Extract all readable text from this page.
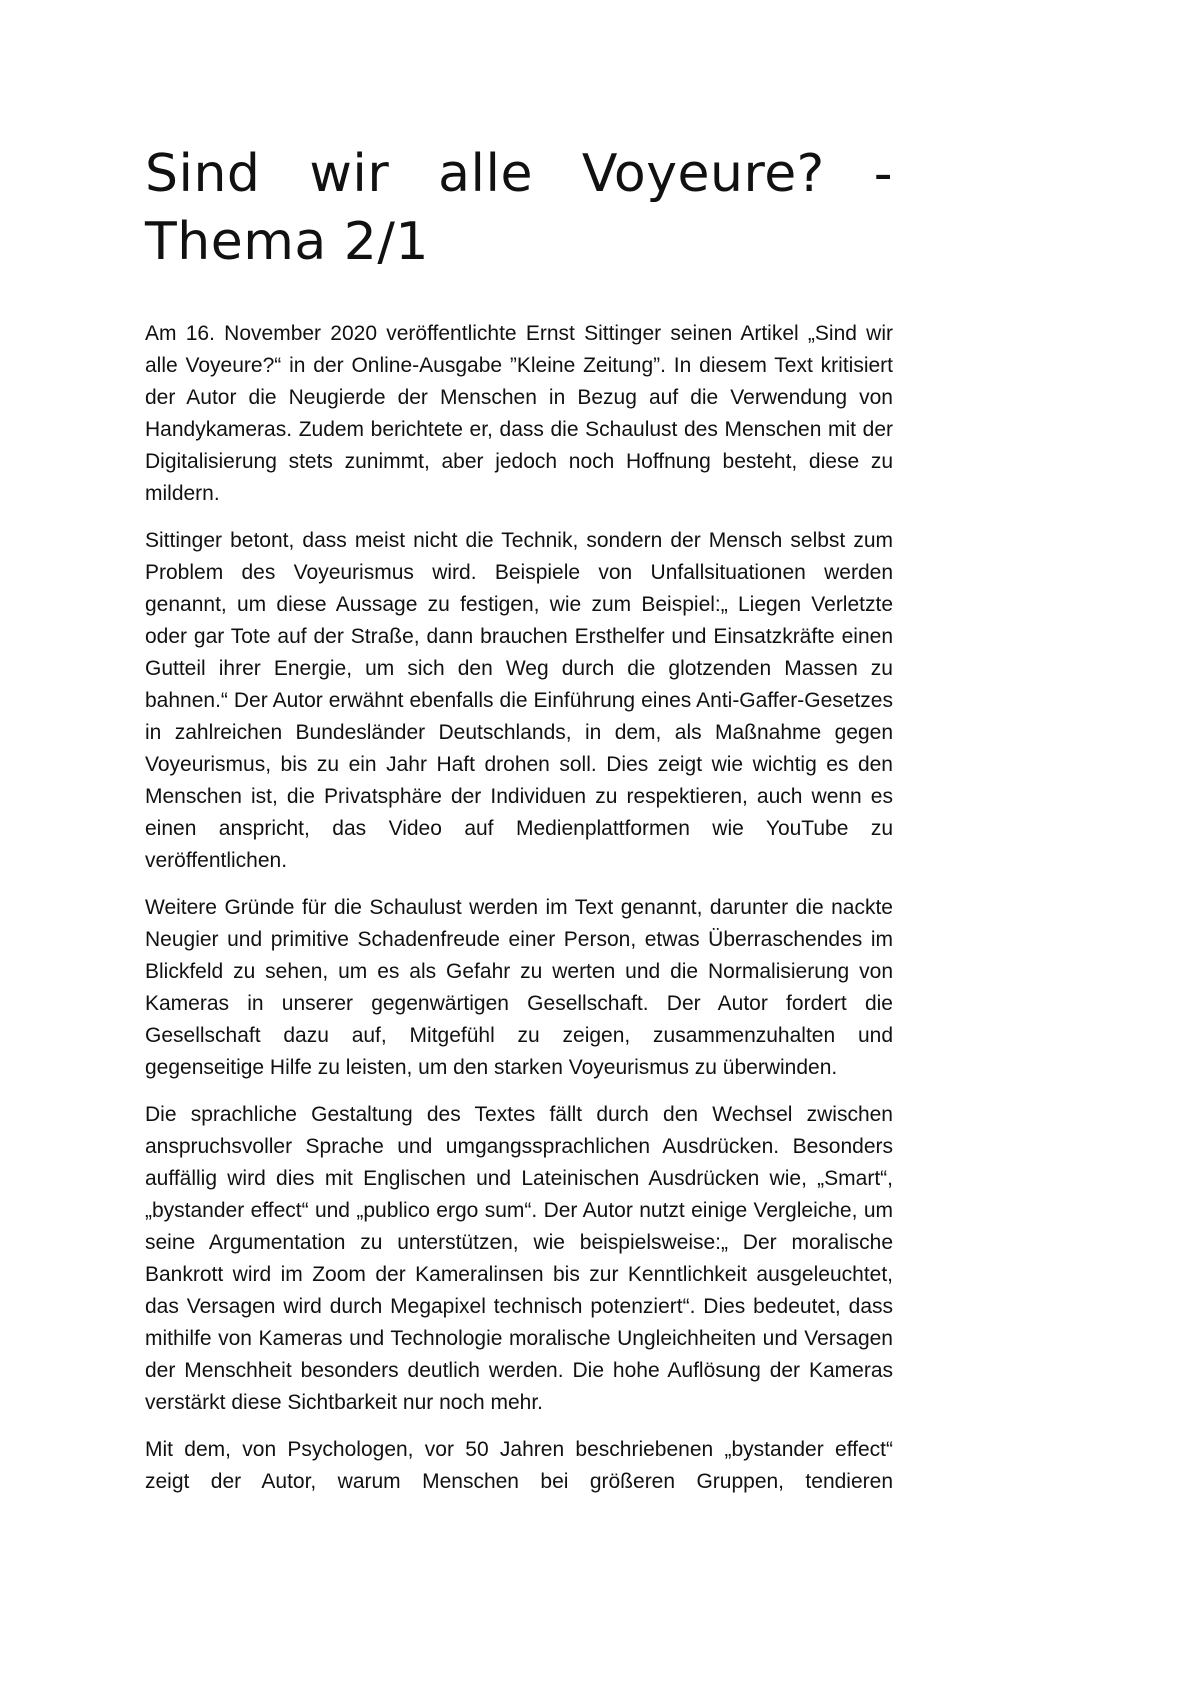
Sind wir alle Voyeure? - Thema 2/1

Am 16. November 2020 veröffentlichte Ernst Sittinger seinen Artikel „Sind wir alle Voyeure?“ in der Online-Ausgabe ”Kleine Zeitung”. In diesem Text kritisiert der Autor die Neugierde der Menschen in Bezug auf die Verwendung von Handykameras. Zudem berichtete er, dass die Schaulust des Menschen mit der Digitalisierung stets zunimmt, aber jedoch noch Hoffnung besteht, diese zu mildern.

Sittinger betont, dass meist nicht die Technik, sondern der Mensch selbst zum Problem des Voyeurismus wird. Beispiele von Unfallsituationen werden genannt, um diese Aussage zu festigen, wie zum Beispiel:„ Liegen Verletzte oder gar Tote auf der Straße, dann brauchen Ersthelfer und Einsatzkräfte einen Gutteil ihrer Energie, um sich den Weg durch die glotzenden Massen zu bahnen.“ Der Autor erwähnt ebenfalls die Einführung eines Anti-Gaffer-Gesetzes in zahlreichen Bundesländer Deutschlands, in dem, als Maßnahme gegen Voyeurismus, bis zu ein Jahr Haft drohen soll. Dies zeigt wie wichtig es den Menschen ist, die Privatsphäre der Individuen zu respektieren, auch wenn es einen anspricht, das Video auf Medienplattformen wie YouTube zu veröffentlichen.

Weitere Gründe für die Schaulust werden im Text genannt, darunter die nackte Neugier und primitive Schadenfreude einer Person, etwas Überraschendes im Blickfeld zu sehen, um es als Gefahr zu werten und die Normalisierung von Kameras in unserer gegenwärtigen Gesellschaft. Der Autor fordert die Gesellschaft dazu auf, Mitgefühl zu zeigen, zusammenzuhalten und gegenseitige Hilfe zu leisten, um den starken Voyeurismus zu überwinden.

Die sprachliche Gestaltung des Textes fällt durch den Wechsel zwischen anspruchsvoller Sprache und umgangssprachlichen Ausdrücken. Besonders auffällig wird dies mit Englischen und Lateinischen Ausdrücken wie, „Smart“, „bystander effect“ und „publico ergo sum“. Der Autor nutzt einige Vergleiche, um seine Argumentation zu unterstützen, wie beispielsweise:„ Der moralische Bankrott wird im Zoom der Kameralinsen bis zur Kenntlichkeit ausgeleuchtet, das Versagen wird durch Megapixel technisch potenziert“. Dies bedeutet, dass mithilfe von Kameras und Technologie moralische Ungleichheiten und Versagen der Menschheit besonders deutlich werden. Die hohe Auflösung der Kameras verstärkt diese Sichtbarkeit nur noch mehr.

Mit dem, von Psychologen, vor 50 Jahren beschriebenen „bystander effect“ zeigt der Autor, warum Menschen bei größeren Gruppen, tendieren
